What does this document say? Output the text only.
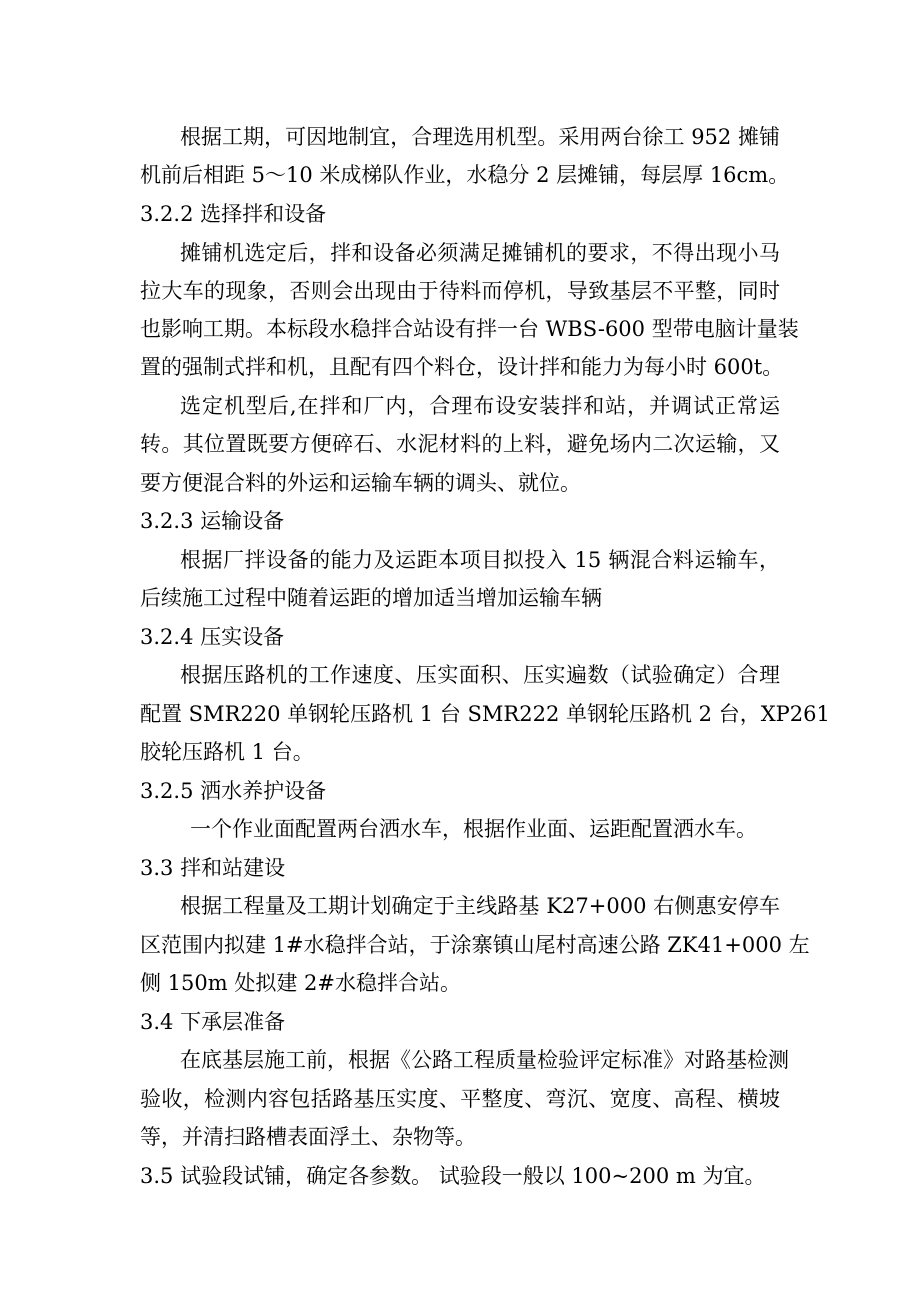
根据工期，可因地制宜，合理选用机型。采用两台徐工 952 摊铺
机前后相距 5～10 米成梯队作业，水稳分 2 层摊铺，每层厚 16cm。
3.2.2 选择拌和设备
摊铺机选定后，拌和设备必须满足摊铺机的要求，不得出现小马
拉大车的现象，否则会出现由于待料而停机，导致基层不平整，同时
也影响工期。本标段水稳拌合站设有拌一台 WBS-600 型带电脑计量装
置的强制式拌和机，且配有四个料仓，设计拌和能力为每小时 600t。
选定机型后,在拌和厂内，合理布设安装拌和站，并调试正常运
转。其位置既要方便碎石、水泥材料的上料，避免场内二次运输，又
要方便混合料的外运和运输车辆的调头、就位。
3.2.3 运输设备
根据厂拌设备的能力及运距本项目拟投入 15 辆混合料运输车，
后续施工过程中随着运距的增加适当增加运输车辆
3.2.4 压实设备
根据压路机的工作速度、压实面积、压实遍数（试验确定）合理
配置 SMR220 单钢轮压路机 1 台 SMR222 单钢轮压路机 2 台，XP261
胶轮压路机 1 台。
3.2.5 洒水养护设备
一个作业面配置两台洒水车，根据作业面、运距配置洒水车。
3.3 拌和站建设
根据工程量及工期计划确定于主线路基 K27+000 右侧惠安停车
区范围内拟建 1#水稳拌合站，于涂寨镇山尾村高速公路 ZK41+000 左
侧 150m 处拟建 2#水稳拌合站。
3.4 下承层准备
在底基层施工前，根据《公路工程质量检验评定标准》对路基检测
验收，检测内容包括路基压实度、平整度、弯沉、宽度、高程、横坡
等，并清扫路槽表面浮土、杂物等。
3.5 试验段试铺，确定各参数。 试验段一般以 100~200 m 为宜。
